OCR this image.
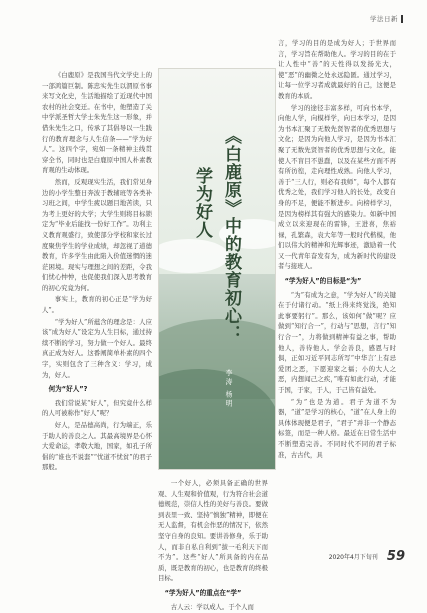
学法日新

《白鹿原》是我国当代文学史上的一部鸿篇巨制。陈忠实先生以渭原书事来写文化史，生活地描绘了近现代中国农村的社会变迁。在书中，他塑造了关中学派圣哲大学士朱先生这一形象，并借朱先生之口，传承了其倡导以一生践行的教育理念与人生信条——“学为好人”。这四个字，宛如一条精神主线贯穿全书，同时也是白鹿原中国人朴素教育观的生动体现。

然而，反观现实生活，我们常见身边的小学生整日奔波于教辅班等各类补习班之间，中学生疲以题目地苦读，只为考上更好的大学；大学生则将目标锁定为“毕业后能找一份好工作”。功利主义教育观盛行，致使部分学校和家长过度聚焦学生的学业成绩，却忽视了道德教育，许多学生由此陷入价值迷惘的迷茫困境。现实与理想之间的差距，令我们忧心忡忡，也促使我们深入思考教育的初心究竟为何。

事实上，教育的初心正是“学为好人”。

“学为好人”所蕴含的理念是：人应该“成为好人”设定为人生目标，通过持续不断的学习，努力做一个好人。最终真正成为好人。这番阐简单朴素的四个字，实则包含了三种含义：学习，成为，好人。

何为“好人”?

我们常说某“好人”，但究竟什么样的人可被称作“好人”呢？

好人，是品德高尚，行为端正，乐于助人的善良之人。其最高境界是心怀大爱命运，孝敬大地，国家，如孔子所倡的“谁也不说套”“忧道不忧贫”的君子那般。

《白鹿原》中的教育初心：
学为好人
李涛 杨明

一个好人，必须具备正确的世界观、人生观和价值观，行为符合社会道德规范，崇信人性的美好与善良。要做到表里一致、坚持“慎独”精神，即便在无人监督，有机会作恶的情况下，依然坚守自身的良知。要讲善修身，乐于助人，而非自私自利到“拔一毛利天下而不为”。这些“好人”所具备的内在品质，既是教育的初心，也是教育的终极目标。

“学为好人”的重点在“学”

古人云：学以成人。于个人而

言，学习的目的是成为好人；于世界而言，学习旨在帮助他人。学习的目的在于让人性中“善”的天性得以发扬光大，使“恶”的幽微之处永远隐匿。通过学习，让每一位学习者成就最好的自己，这便是教育的本质。

学习的途径丰富多样，可向书本学，向他人学，向模样学，向日本学习，是因为书本汇聚了无数先贤智者的优秀思想与文化；是因为向他人学习，是因为书本汇聚了无数先贤智者的优秀思想与文化，能使人不盲目不愚蠢，以及在某些方面不再有所彷徨，走向理性成熟。向他人学习，善于“三人行，则必有我师”，每个人都有优秀之处，我们学习他人的长处，改变自身的不足，便能不断进步。向榜样学习，是因为榜样其有强大的感染力。如新中国成立以来迎现在的雷锋，王进喜，焦裕禄，孔繁森，袁大年等一般时代楷模，他们以伟大的精神和光辉事迹，激励着一代又一代青年奋发有为，成为新时代的建设者与接班人。

“学为好人”的目标是“为”

“为”有成为之意，“学为好人”的关键在于付诸行动。“纸上得来终觉浅，绝知此事要躬行”。那么，该如何“做”呢？应做到“知行合一”，行动与“思想，言行”知行合一”，力将做到精神有益之事，帮助他人，善待他人。学会善良，感恩与时俱，正如习近平同志所写“中华言’上有忌爱团之恶，下愿迎家之福；小的大人之恶，内想闻己之疾，”唯有如此行动，才能于国，于家，于人，于己皆有益处。

“为”也是为道。君子为道不为器，“道”是学习的核心，“道”在人身上的具体体现便是君子，“君子”并非一个静态标签，而是一种人格。最近在日常生活中不断塑造完善。不同时代不同的君子标准，古古代，具

2020年4月下旬刊 59
